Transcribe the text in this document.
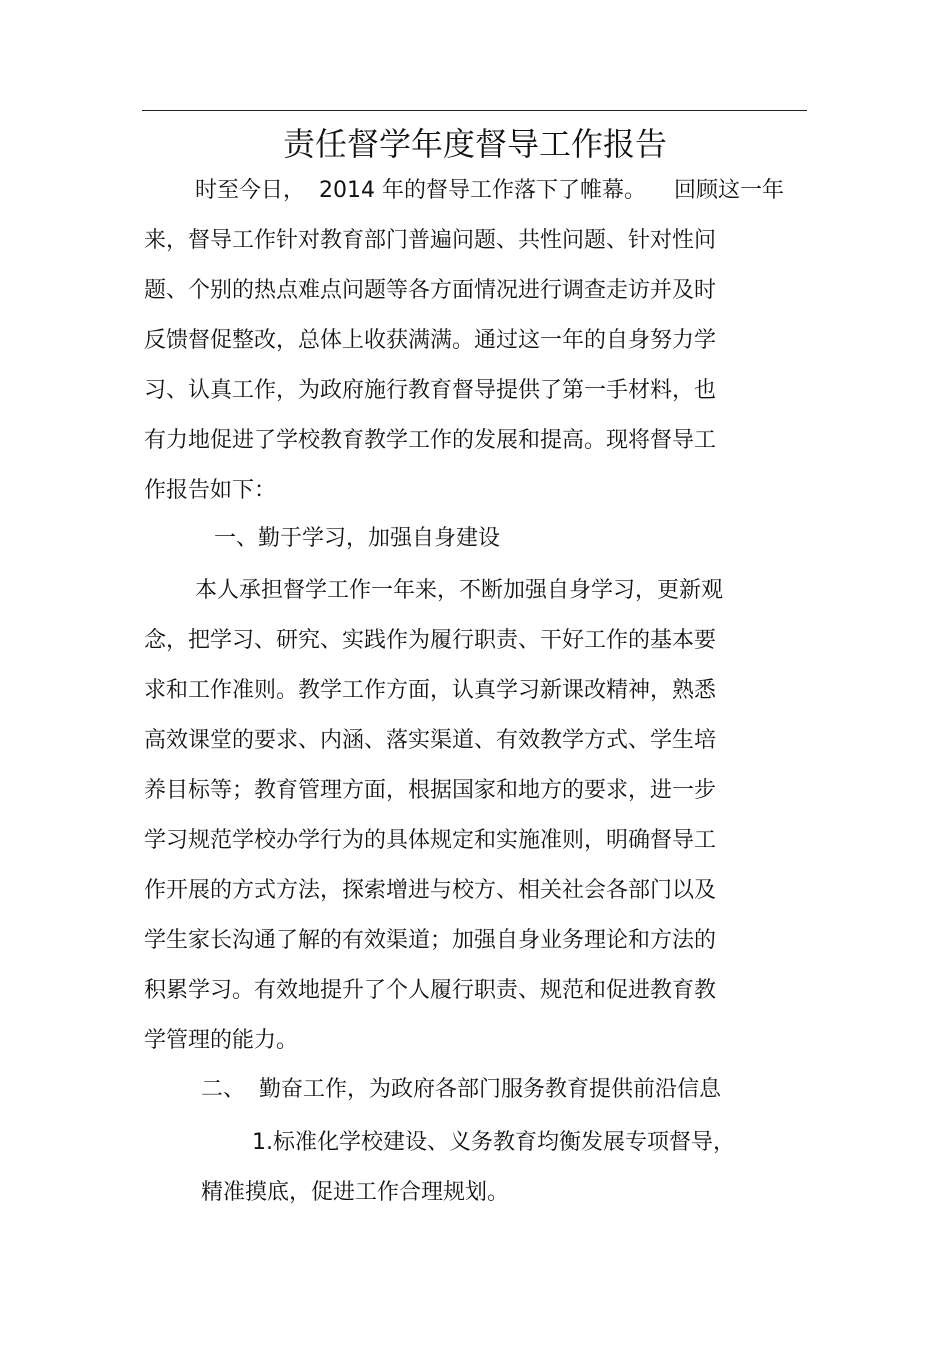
责任督学年度督导工作报告
时至今日，  2014 年的督导工作落下了帷幕。    回顾这一年
来，督导工作针对教育部门普遍问题、共性问题、针对性问
题、个别的热点难点问题等各方面情况进行调查走访并及时
反馈督促整改，总体上收获满满。通过这一年的自身努力学
习、认真工作，为政府施行教育督导提供了第一手材料，也
有力地促进了学校教育教学工作的发展和提高。现将督导工
作报告如下：
一、勤于学习，加强自身建设
本人承担督学工作一年来，不断加强自身学习，更新观
念，把学习、研究、实践作为履行职责、干好工作的基本要
求和工作准则。教学工作方面，认真学习新课改精神，熟悉
高效课堂的要求、内涵、落实渠道、有效教学方式、学生培
养目标等；教育管理方面，根据国家和地方的要求，进一步
学习规范学校办学行为的具体规定和实施准则，明确督导工
作开展的方式方法，探索增进与校方、相关社会各部门以及
学生家长沟通了解的有效渠道；加强自身业务理论和方法的
积累学习。有效地提升了个人履行职责、规范和促进教育教
学管理的能力。
二、  勤奋工作，为政府各部门服务教育提供前沿信息
1.标准化学校建设、义务教育均衡发展专项督导，
精准摸底，促进工作合理规划。
